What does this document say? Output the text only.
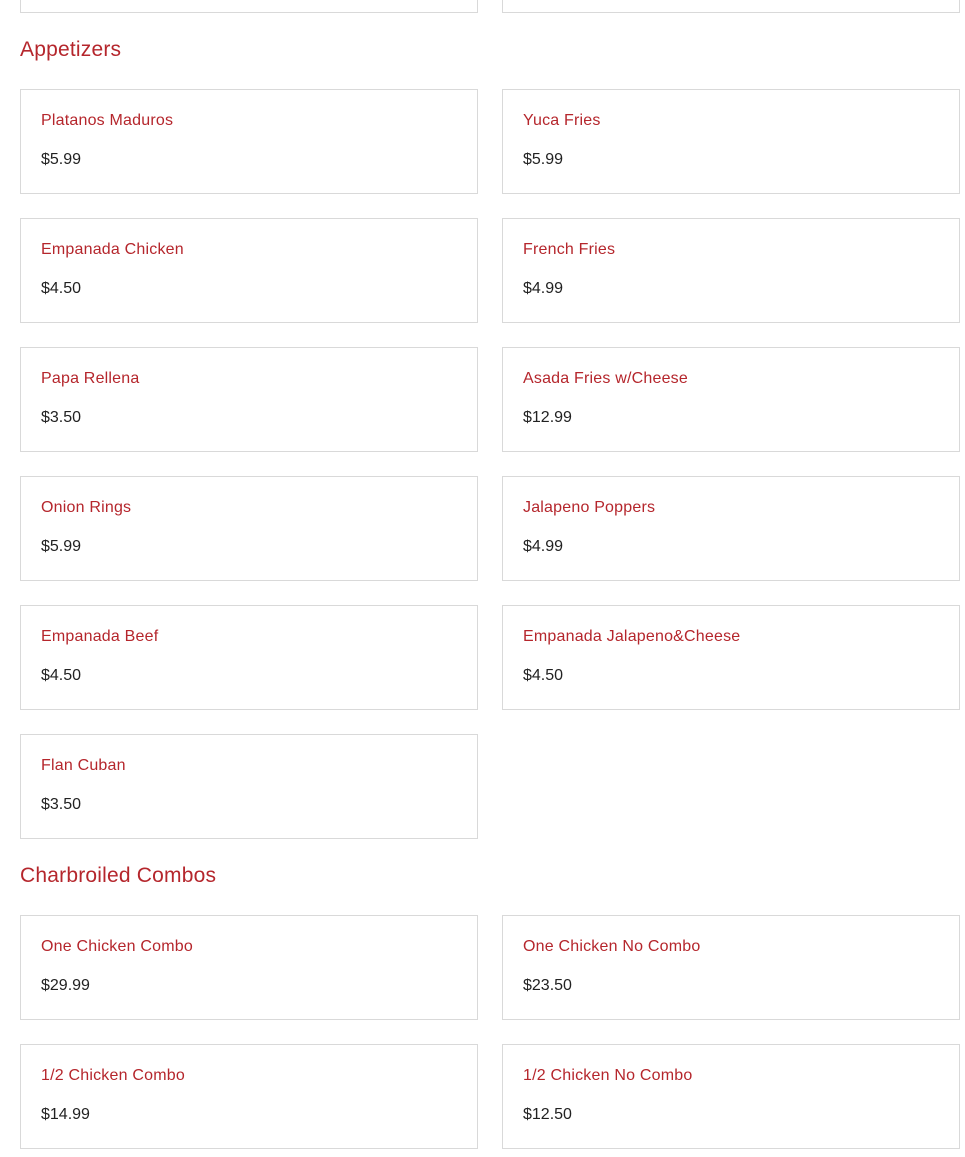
Appetizers
Platanos Maduros
$5.99
Yuca Fries
$5.99
Empanada Chicken
$4.50
French Fries
$4.99
Papa Rellena
$3.50
Asada Fries w/Cheese
$12.99
Onion Rings
$5.99
Jalapeno Poppers
$4.99
Empanada Beef
$4.50
Empanada Jalapeno&Cheese
$4.50
Flan Cuban
$3.50
Charbroiled Combos
One Chicken Combo
$29.99
One Chicken No Combo
$23.50
1/2 Chicken Combo
$14.99
1/2 Chicken No Combo
$12.50
